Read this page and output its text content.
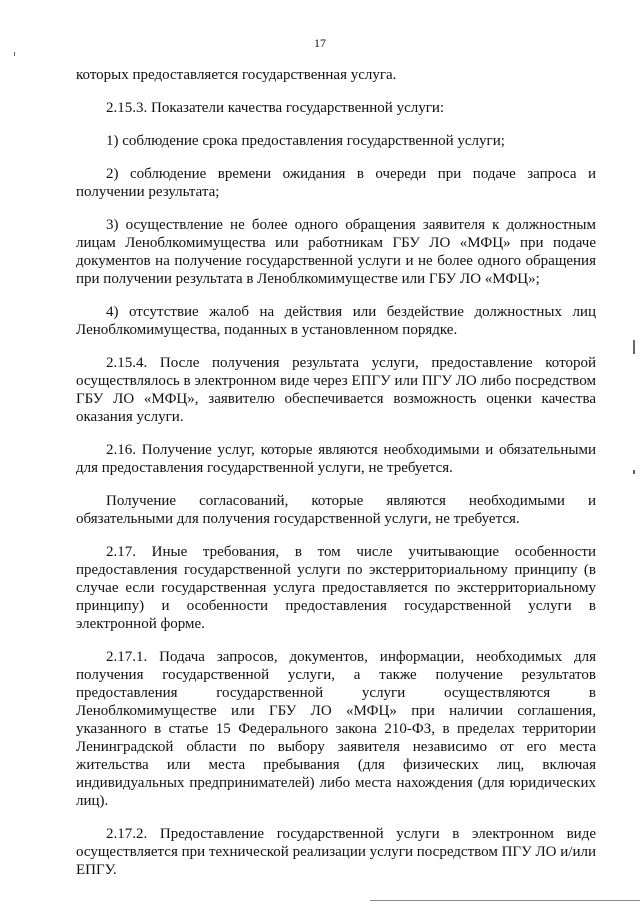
17

которых предоставляется государственная услуга.

2.15.3. Показатели качества государственной услуги:

1) соблюдение срока предоставления государственной услуги;

2) соблюдение времени ожидания в очереди при подаче запроса и получении результата;

3) осуществление не более одного обращения заявителя к должностным лицам Леноблкомимущества или работникам ГБУ ЛО «МФЦ» при подаче документов на получение государственной услуги и не более одного обращения при получении результата в Леноблкомимуществе или ГБУ ЛО «МФЦ»;

4) отсутствие жалоб на действия или бездействие должностных лиц Леноблкомимущества, поданных в установленном порядке.

2.15.4. После получения результата услуги, предоставление которой осуществлялось в электронном виде через ЕПГУ или ПГУ ЛО либо посредством ГБУ ЛО «МФЦ», заявителю обеспечивается возможность оценки качества оказания услуги.

2.16. Получение услуг, которые являются необходимыми и обязательными для предоставления государственной услуги, не требуется.

Получение согласований, которые являются необходимыми и обязательными для получения государственной услуги, не требуется.

2.17. Иные требования, в том числе учитывающие особенности предоставления государственной услуги по экстерриториальному принципу (в случае если государственная услуга предоставляется по экстерриториальному принципу) и особенности предоставления государственной услуги в электронной форме.

2.17.1. Подача запросов, документов, информации, необходимых для получения государственной услуги, а также получение результатов предоставления государственной услуги осуществляются в Леноблкомимуществе или ГБУ ЛО «МФЦ» при наличии соглашения, указанного в статье 15 Федерального закона 210-ФЗ, в пределах территории Ленинградской области по выбору заявителя независимо от его места жительства или места пребывания (для физических лиц, включая индивидуальных предпринимателей) либо места нахождения (для юридических лиц).

2.17.2. Предоставление государственной услуги в электронном виде осуществляется при технической реализации услуги посредством ПГУ ЛО и/или ЕПГУ.
